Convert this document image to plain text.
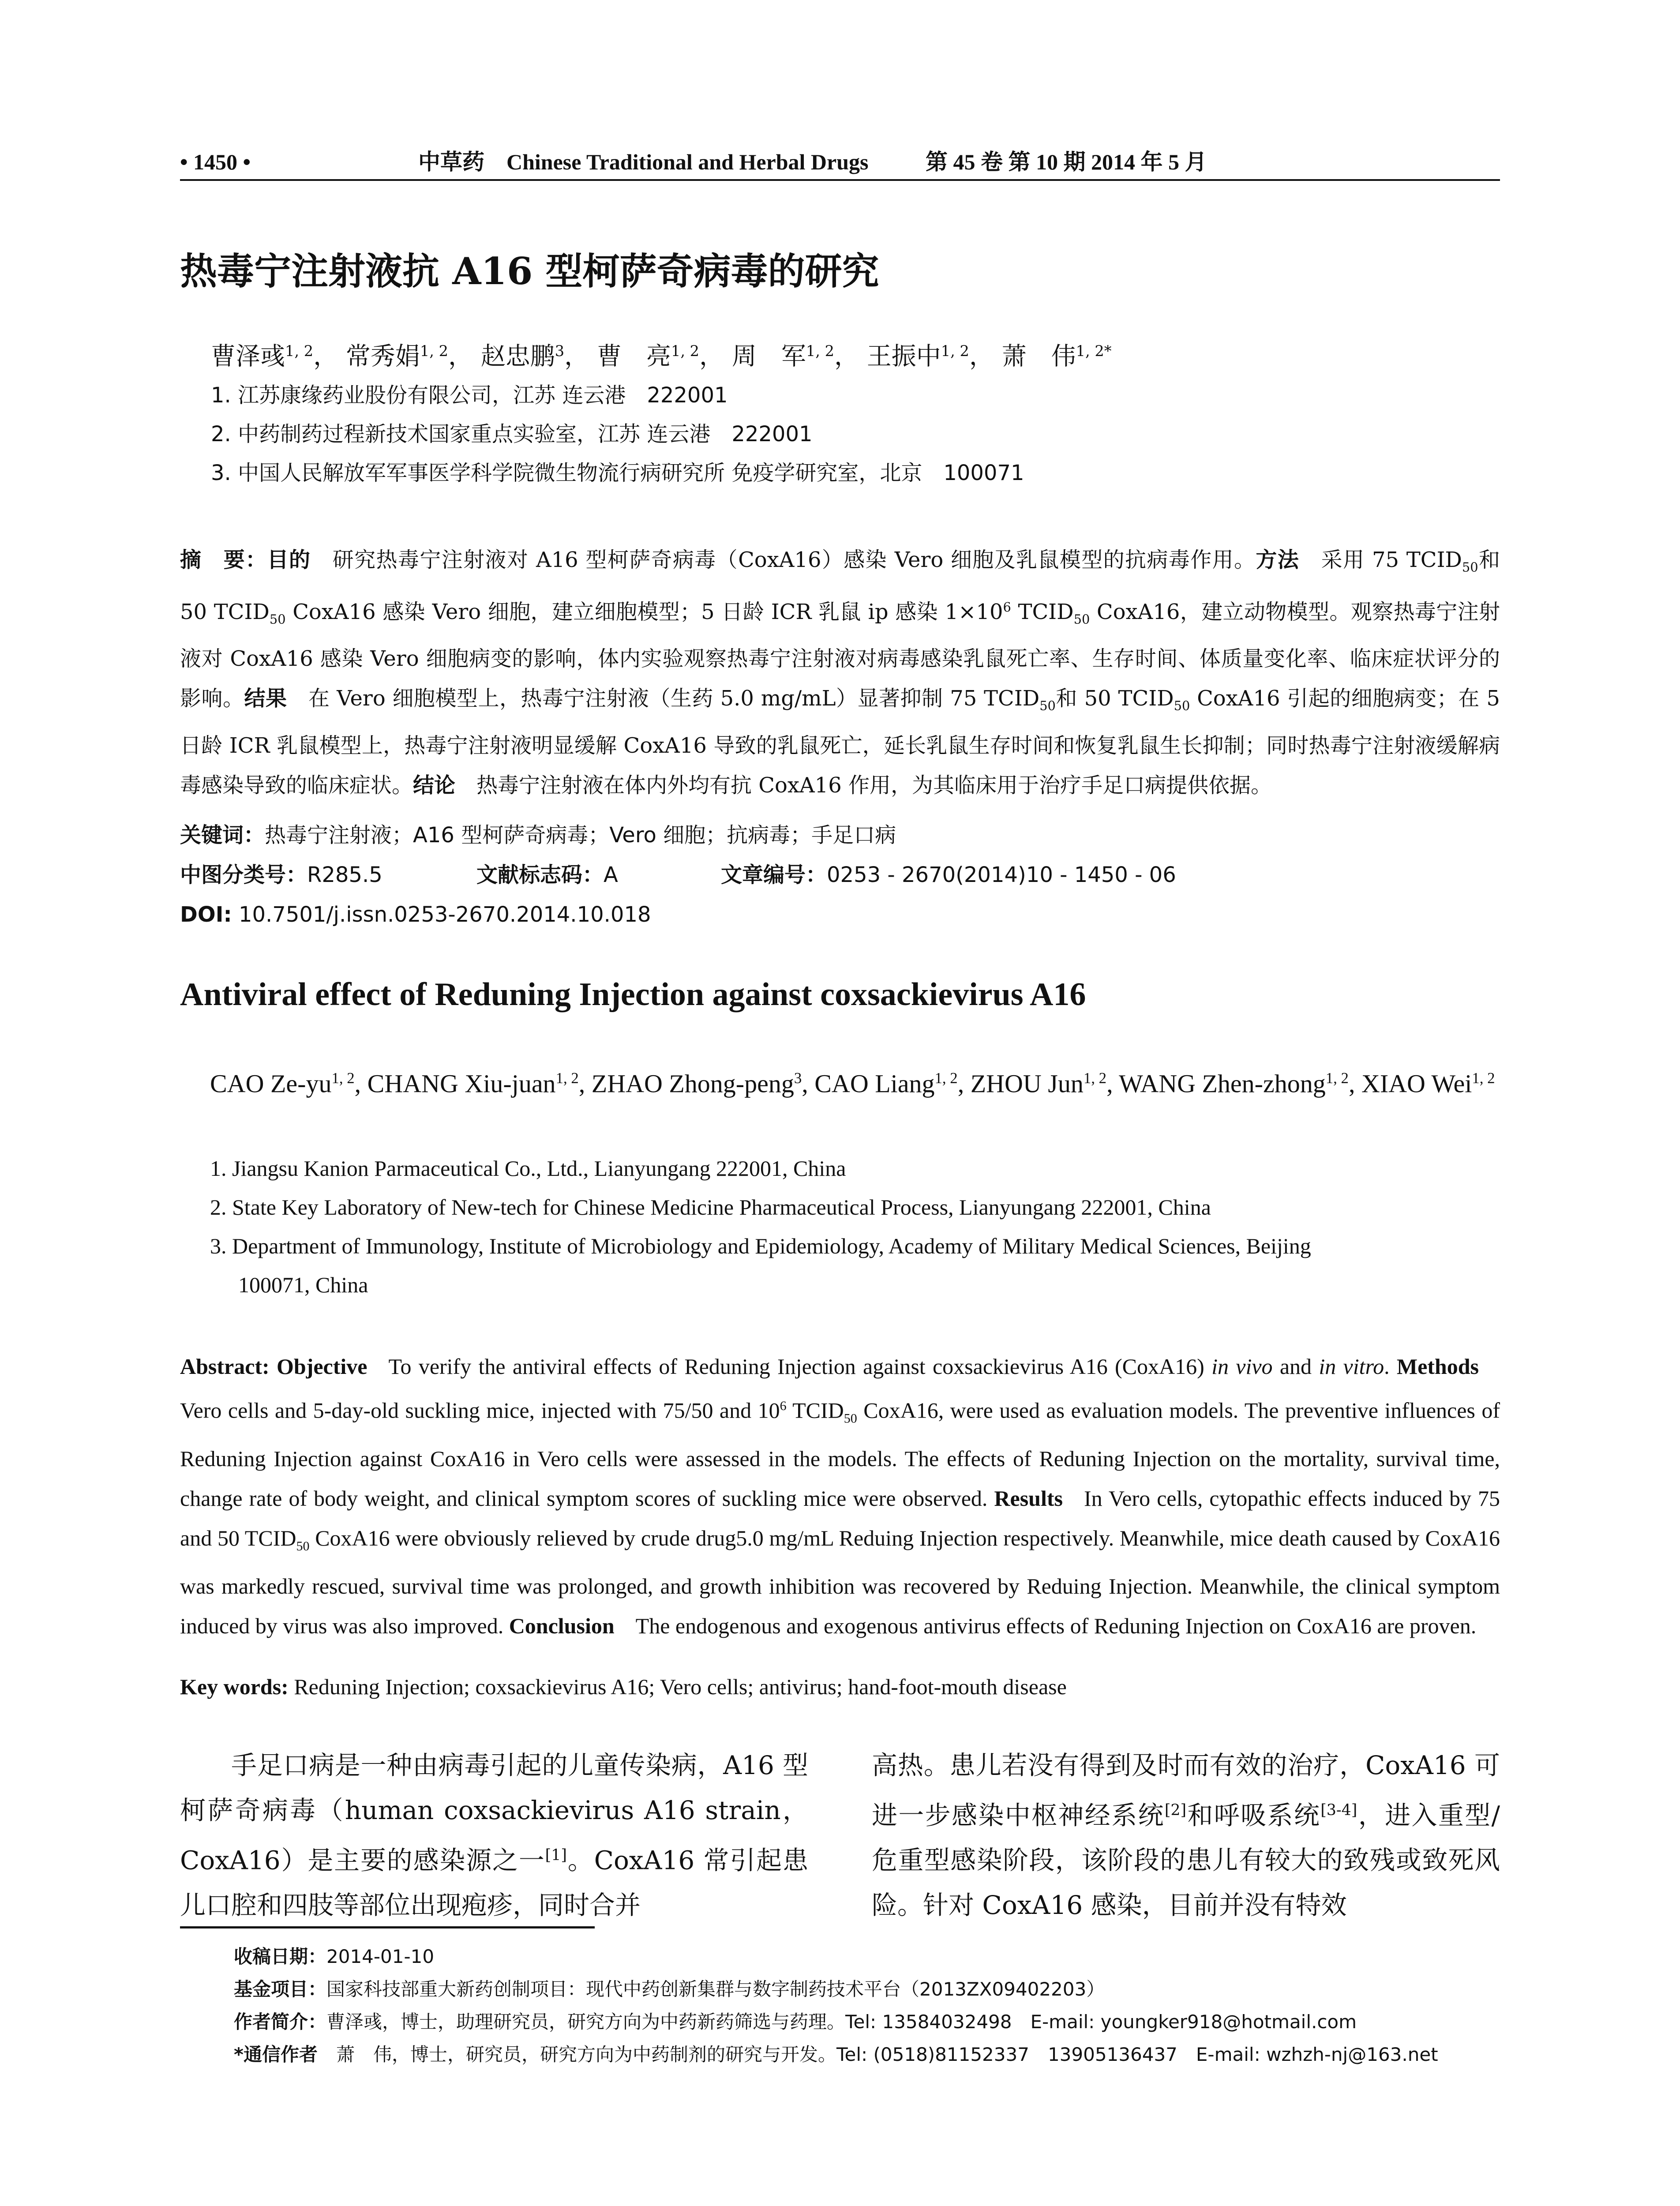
• 1450 •	中草药 Chinese Traditional and Herbal Drugs	第 45 卷 第 10 期 2014 年 5 月
热毒宁注射液抗 A16 型柯萨奇病毒的研究
曹泽彧$^{1, 2}$， 常秀娟$^{1, 2}$， 赵忠鹏$^3$， 曹　亮$^{1, 2}$， 周　军$^{1, 2}$， 王振中$^{1, 2}$， 萧　伟$^{1, 2*}$
1. 江苏康缘药业股份有限公司，江苏 连云港　222001
2. 中药制药过程新技术国家重点实验室，江苏 连云港　222001
3. 中国人民解放军军事医学科学院微生物流行病研究所 免疫学研究室，北京　100071
摘　要：目的 研究热毒宁注射液对 A16 型柯萨奇病毒（CoxA16）感染 Vero 细胞及乳鼠模型的抗病毒作用。方法 采用 75 $TCID_{50}$和 50 $TCID_{50}$ CoxA16 感染 Vero 细胞，建立细胞模型；5 日龄 ICR 乳鼠 ip 感染 $1\times 10^6$ $TCID_{50}$ CoxA16，建立动物模型。观察热毒宁注射液对 CoxA16 感染 Vero 细胞病变的影响，体内实验观察热毒宁注射液对病毒感染乳鼠死亡率、生存时间、体质量变化率、临床症状评分的影响。结果 在 Vero 细胞模型上，热毒宁注射液（生药 5.0 mg/mL）显著抑制 75 $TCID_{50}$和 50 $TCID_{50}$ CoxA16 引起的细胞病变；在 5 日龄 ICR 乳鼠模型上，热毒宁注射液明显缓解 CoxA16 导致的乳鼠死亡，延长乳鼠生存时间和恢复乳鼠生长抑制；同时热毒宁注射液缓解病毒感染导致的临床症状。结论 热毒宁注射液在体内外均有抗 CoxA16 作用，为其临床用于治疗手足口病提供依据。
关键词：热毒宁注射液；A16 型柯萨奇病毒；Vero 细胞；抗病毒；手足口病
中图分类号：R285.5	文献标志码：A	文章编号：0253 - 2670(2014)10 - 1450 - 06
DOI: 10.7501/j.issn.0253-2670.2014.10.018
Antiviral effect of Reduning Injection against coxsackievirus A16
CAO Ze-yu$^{1, 2}$, CHANG Xiu-juan$^{1, 2}$, ZHAO Zhong-peng$^3$, CAO Liang$^{1, 2}$, ZHOU Jun$^{1, 2}$, WANG Zhen-zhong$^{1, 2}$, XIAO Wei$^{1, 2}$
1. Jiangsu Kanion Parmaceutical Co., Ltd., Lianyungang 222001, China
2. State Key Laboratory of New-tech for Chinese Medicine Pharmaceutical Process, Lianyungang 222001, China
3. Department of Immunology, Institute of Microbiology and Epidemiology, Academy of Military Medical Sciences, Beijing
100071, China
Abstract: Objective To verify the antiviral effects of Reduning Injection against coxsackievirus A16 (CoxA16) in vivo and in vitro. MethodsVero cells and 5-day-old suckling mice, injected with 75/50 and $10^6$ $TCID_{50}$ CoxA16, were used as evaluation models. The preventive influences of Reduning Injection against CoxA16 in Vero cells were assessed in the models. The effects of Reduning Injection on the mortality, survival time, change rate of body weight, and clinical symptom scores of suckling mice were observed. Results In Vero cells, cytopathic effects induced by 75 and 50 $TCID_{50}$ CoxA16 were obviously relieved by crude drug5.0 mg/mL Reduing Injection respectively. Meanwhile, mice death caused by CoxA16 was markedly rescued, survival time was prolonged, and growth inhibition was recovered by Reduing Injection. Meanwhile, the clinical symptom induced by virus was also improved. Conclusion The endogenous and exogenous antivirus effects of Reduning Injection on CoxA16 are proven.
Key words: Reduning Injection; coxsackievirus A16; Vero cells; antivirus; hand-foot-mouth disease
手足口病是一种由病毒引起的儿童传染病，A16 型柯萨奇病毒（human coxsackievirus A16 strain，CoxA16）是主要的感染源之一[1]。CoxA16 常引起患儿口腔和四肢等部位出现疱疹，同时合并
高热。患儿若没有得到及时而有效的治疗，CoxA16 可进一步感染中枢神经系统[2]和呼吸系统[3-4]，进入重型/危重型感染阶段，该阶段的患儿有较大的致残或致死风险。针对 CoxA16 感染，目前并没有特效
收稿日期：2014-01-10
基金项目：国家科技部重大新药创制项目：现代中药创新集群与数字制药技术平台（2013ZX09402203）
作者简介：曹泽彧，博士，助理研究员，研究方向为中药新药筛选与药理。Tel: 13584032498　E-mail: youngker918@hotmail.com
*通信作者　 萧　伟，博士，研究员，研究方向为中药制剂的研究与开发。Tel: (0518)81152337　13905136437　E-mail: wzhzh-nj@163.net
